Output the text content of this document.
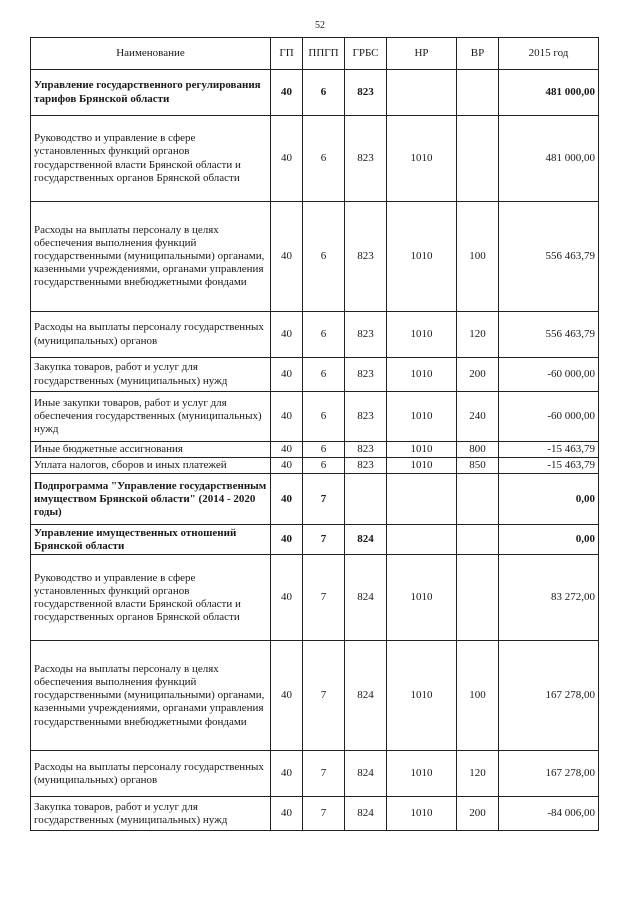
52
Наименование	ГП	ППГП	ГРБС	НР	ВР	2015 год
Управление государственного регулирования тарифов Брянской области	40	6	823			481 000,00
Руководство и управление в сфере установленных функций органов государственной власти Брянской области и государственных органов Брянской области	40	6	823	1010		481 000,00
Расходы на выплаты персоналу в целях обеспечения выполнения функций государственными (муниципальными) органами, казенными учреждениями, органами управления государственными внебюджетными фондами	40	6	823	1010	100	556 463,79
Расходы на выплаты персоналу государственных (муниципальных) органов	40	6	823	1010	120	556 463,79
Закупка товаров, работ и услуг для государственных (муниципальных) нужд	40	6	823	1010	200	-60 000,00
Иные закупки товаров, работ и услуг для обеспечения государственных (муниципальных) нужд	40	6	823	1010	240	-60 000,00
Иные бюджетные ассигнования	40	6	823	1010	800	-15 463,79
Уплата налогов, сборов и иных платежей	40	6	823	1010	850	-15 463,79
Подпрограмма "Управление государственным имуществом Брянской области" (2014 - 2020 годы)	40	7				0,00
Управление имущественных отношений Брянской области	40	7	824			0,00
Руководство и управление в сфере установленных функций органов государственной власти Брянской области и государственных органов Брянской области	40	7	824	1010		83 272,00
Расходы на выплаты персоналу в целях обеспечения выполнения функций государственными (муниципальными) органами, казенными учреждениями, органами управления государственными внебюджетными фондами	40	7	824	1010	100	167 278,00
Расходы на выплаты персоналу государственных (муниципальных) органов	40	7	824	1010	120	167 278,00
Закупка товаров, работ и услуг для государственных (муниципальных) нужд	40	7	824	1010	200	-84 006,00
